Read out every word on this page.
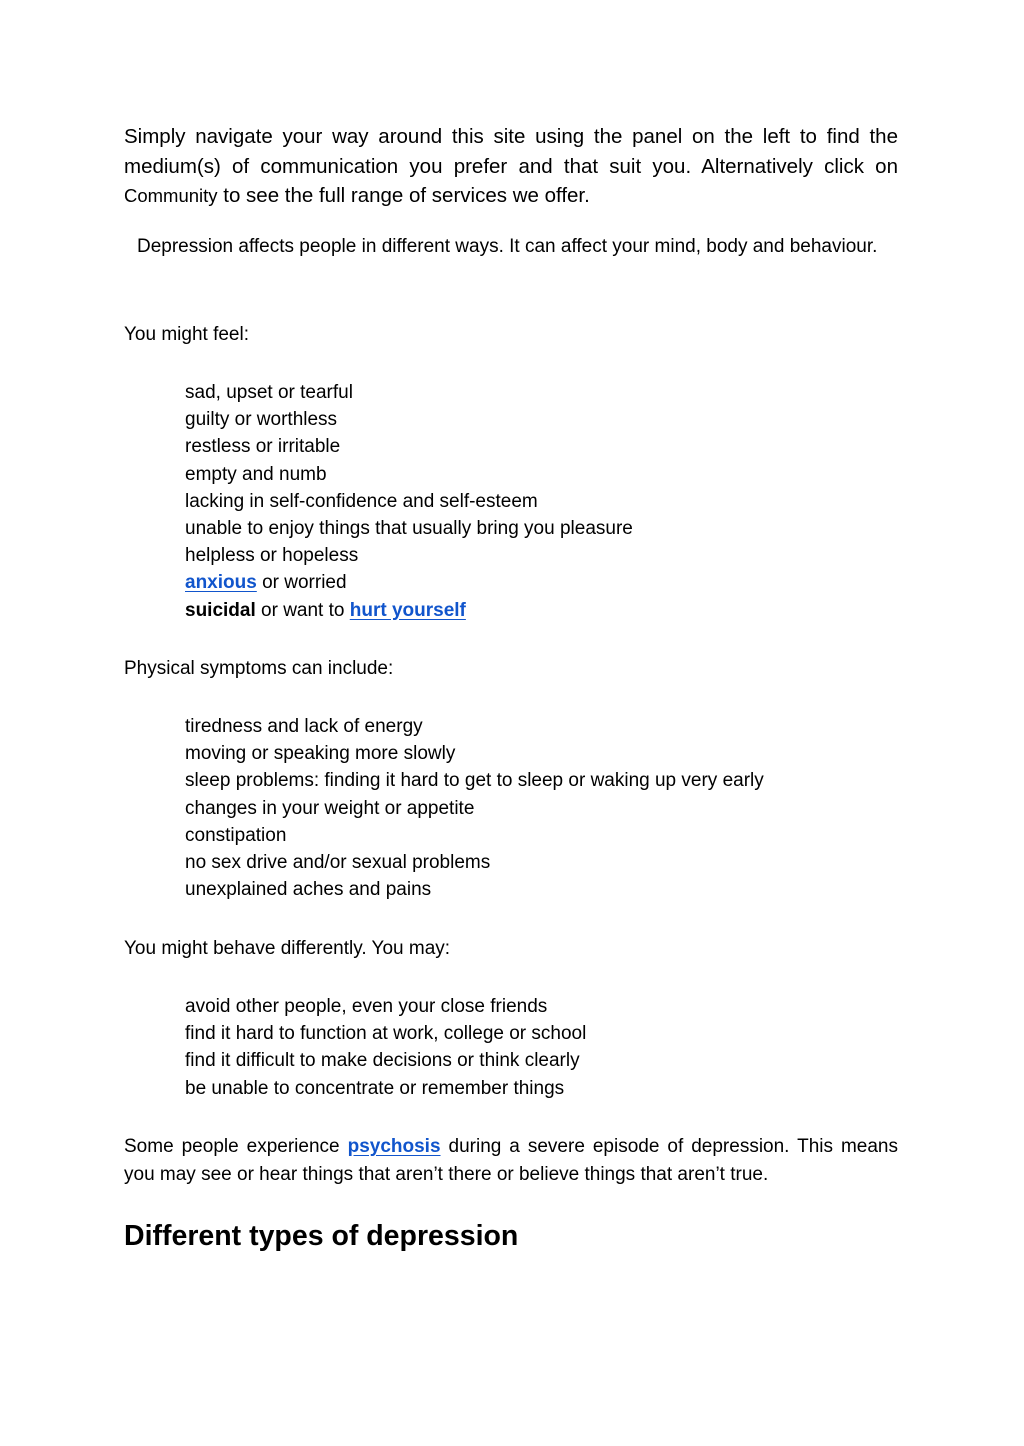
Simply navigate your way around this site using the panel on the left to find the medium(s) of communication you prefer and that suit you. Alternatively click on Community to see the full range of services we offer.

Depression affects people in different ways. It can affect your mind, body and behaviour.

You might feel:

sad, upset or tearful
guilty or worthless
restless or irritable
empty and numb
lacking in self-confidence and self-esteem
unable to enjoy things that usually bring you pleasure
helpless or hopeless
anxious or worried
suicidal or want to hurt yourself

Physical symptoms can include:

tiredness and lack of energy
moving or speaking more slowly
sleep problems: finding it hard to get to sleep or waking up very early
changes in your weight or appetite
constipation
no sex drive and/or sexual problems
unexplained aches and pains

You might behave differently. You may:

avoid other people, even your close friends
find it hard to function at work, college or school
find it difficult to make decisions or think clearly
be unable to concentrate or remember things

Some people experience psychosis during a severe episode of depression. This means you may see or hear things that aren’t there or believe things that aren’t true.

Different types of depression
